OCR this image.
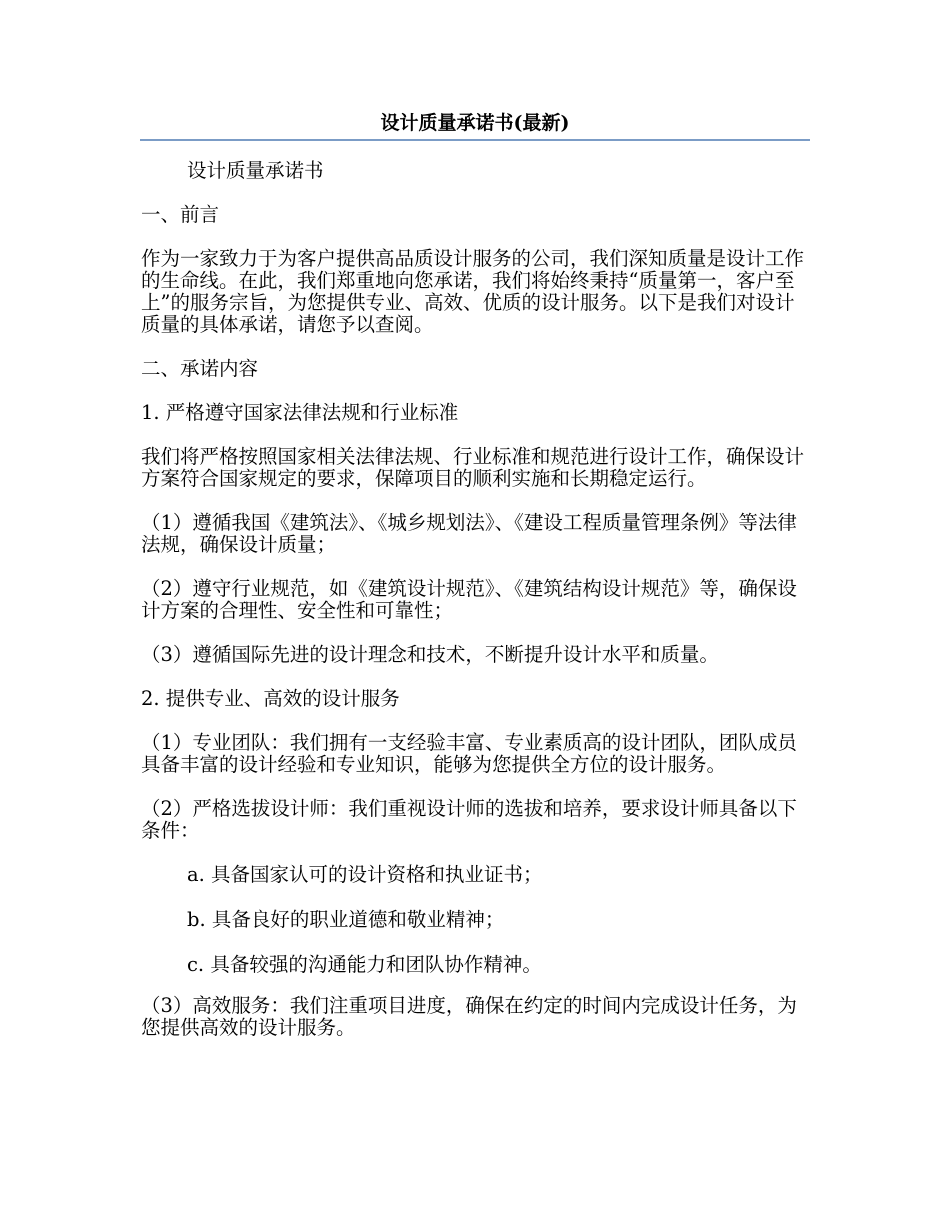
设计质量承诺书(最新)

设计质量承诺书

一、前言

作为一家致力于为客户提供高品质设计服务的公司，我们深知质量是设计工作的生命线。在此，我们郑重地向您承诺，我们将始终秉持“质量第一，客户至上”的服务宗旨，为您提供专业、高效、优质的设计服务。以下是我们对设计质量的具体承诺，请您予以查阅。

二、承诺内容

1. 严格遵守国家法律法规和行业标准

我们将严格按照国家相关法律法规、行业标准和规范进行设计工作，确保设计方案符合国家规定的要求，保障项目的顺利实施和长期稳定运行。

（1）遵循我国《建筑法》、《城乡规划法》、《建设工程质量管理条例》等法律法规，确保设计质量；

（2）遵守行业规范，如《建筑设计规范》、《建筑结构设计规范》等，确保设计方案的合理性、安全性和可靠性；

（3）遵循国际先进的设计理念和技术，不断提升设计水平和质量。

2. 提供专业、高效的设计服务

（1）专业团队：我们拥有一支经验丰富、专业素质高的设计团队，团队成员具备丰富的设计经验和专业知识，能够为您提供全方位的设计服务。

（2）严格选拔设计师：我们重视设计师的选拔和培养，要求设计师具备以下条件：

a. 具备国家认可的设计资格和执业证书；

b. 具备良好的职业道德和敬业精神；

c. 具备较强的沟通能力和团队协作精神。

（3）高效服务：我们注重项目进度，确保在约定的时间内完成设计任务，为您提供高效的设计服务。
